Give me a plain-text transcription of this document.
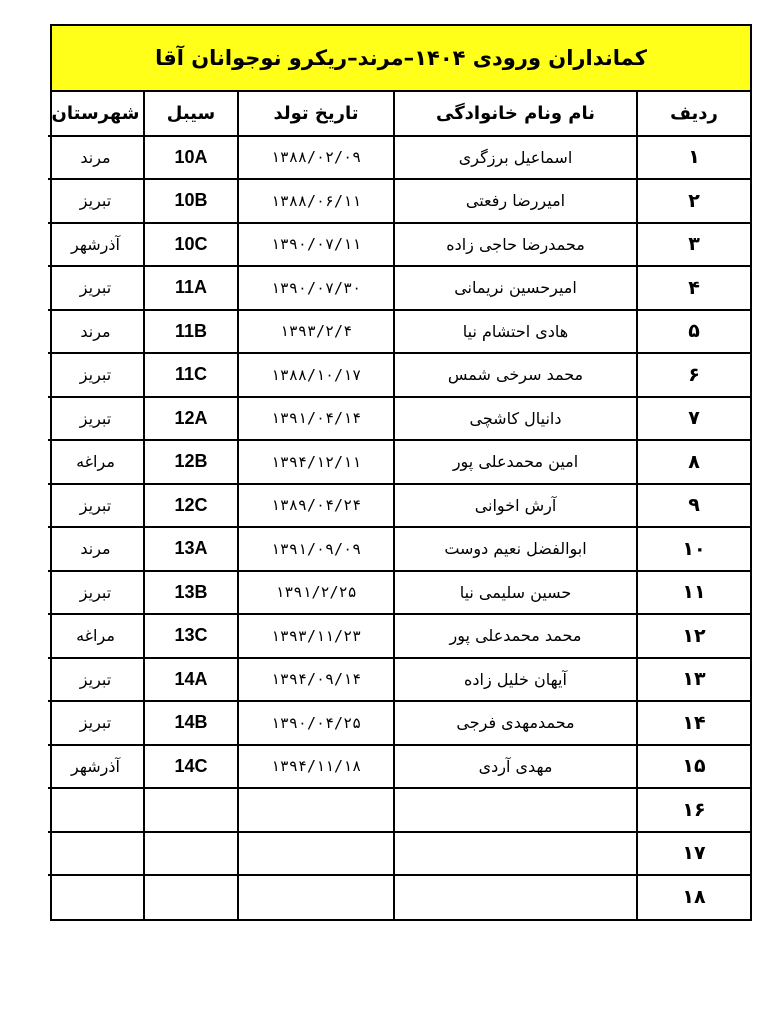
کمانداران ورودی ۱۴۰۴–مرند–ریکرو نوجوانان آقا
ردیف	نام ونام خانوادگی	تاریخ تولد	سیبل	شهرستان
۱	اسماعیل برزگری	۱۳۸۸/۰۲/۰۹	10A	مرند
۲	امیررضا رفعتی	۱۳۸۸/۰۶/۱۱	10B	تبریز
۳	محمدرضا حاجی زاده	۱۳۹۰/۰۷/۱۱	10C	آذرشهر
۴	امیرحسین نریمانی	۱۳۹۰/۰۷/۳۰	11A	تبریز
۵	هادی احتشام نیا	۱۳۹۳/۲/۴	11B	مرند
۶	محمد سرخی شمس	۱۳۸۸/۱۰/۱۷	11C	تبریز
۷	دانیال کاشچی	۱۳۹۱/۰۴/۱۴	12A	تبریز
۸	امین محمدعلی پور	۱۳۹۴/۱۲/۱۱	12B	مراغه
۹	آرش اخوانی	۱۳۸۹/۰۴/۲۴	12C	تبریز
۱۰	ابوالفضل نعیم دوست	۱۳۹۱/۰۹/۰۹	13A	مرند
۱۱	حسین سلیمی نیا	۱۳۹۱/۲/۲۵	13B	تبریز
۱۲	محمد محمدعلی پور	۱۳۹۳/۱۱/۲۳	13C	مراغه
۱۳	آیهان خلیل زاده	۱۳۹۴/۰۹/۱۴	14A	تبریز
۱۴	محمدمهدی فرجی	۱۳۹۰/۰۴/۲۵	14B	تبریز
۱۵	مهدی آردی	۱۳۹۴/۱۱/۱۸	14C	آذرشهر
۱۶				
۱۷				
۱۸				
